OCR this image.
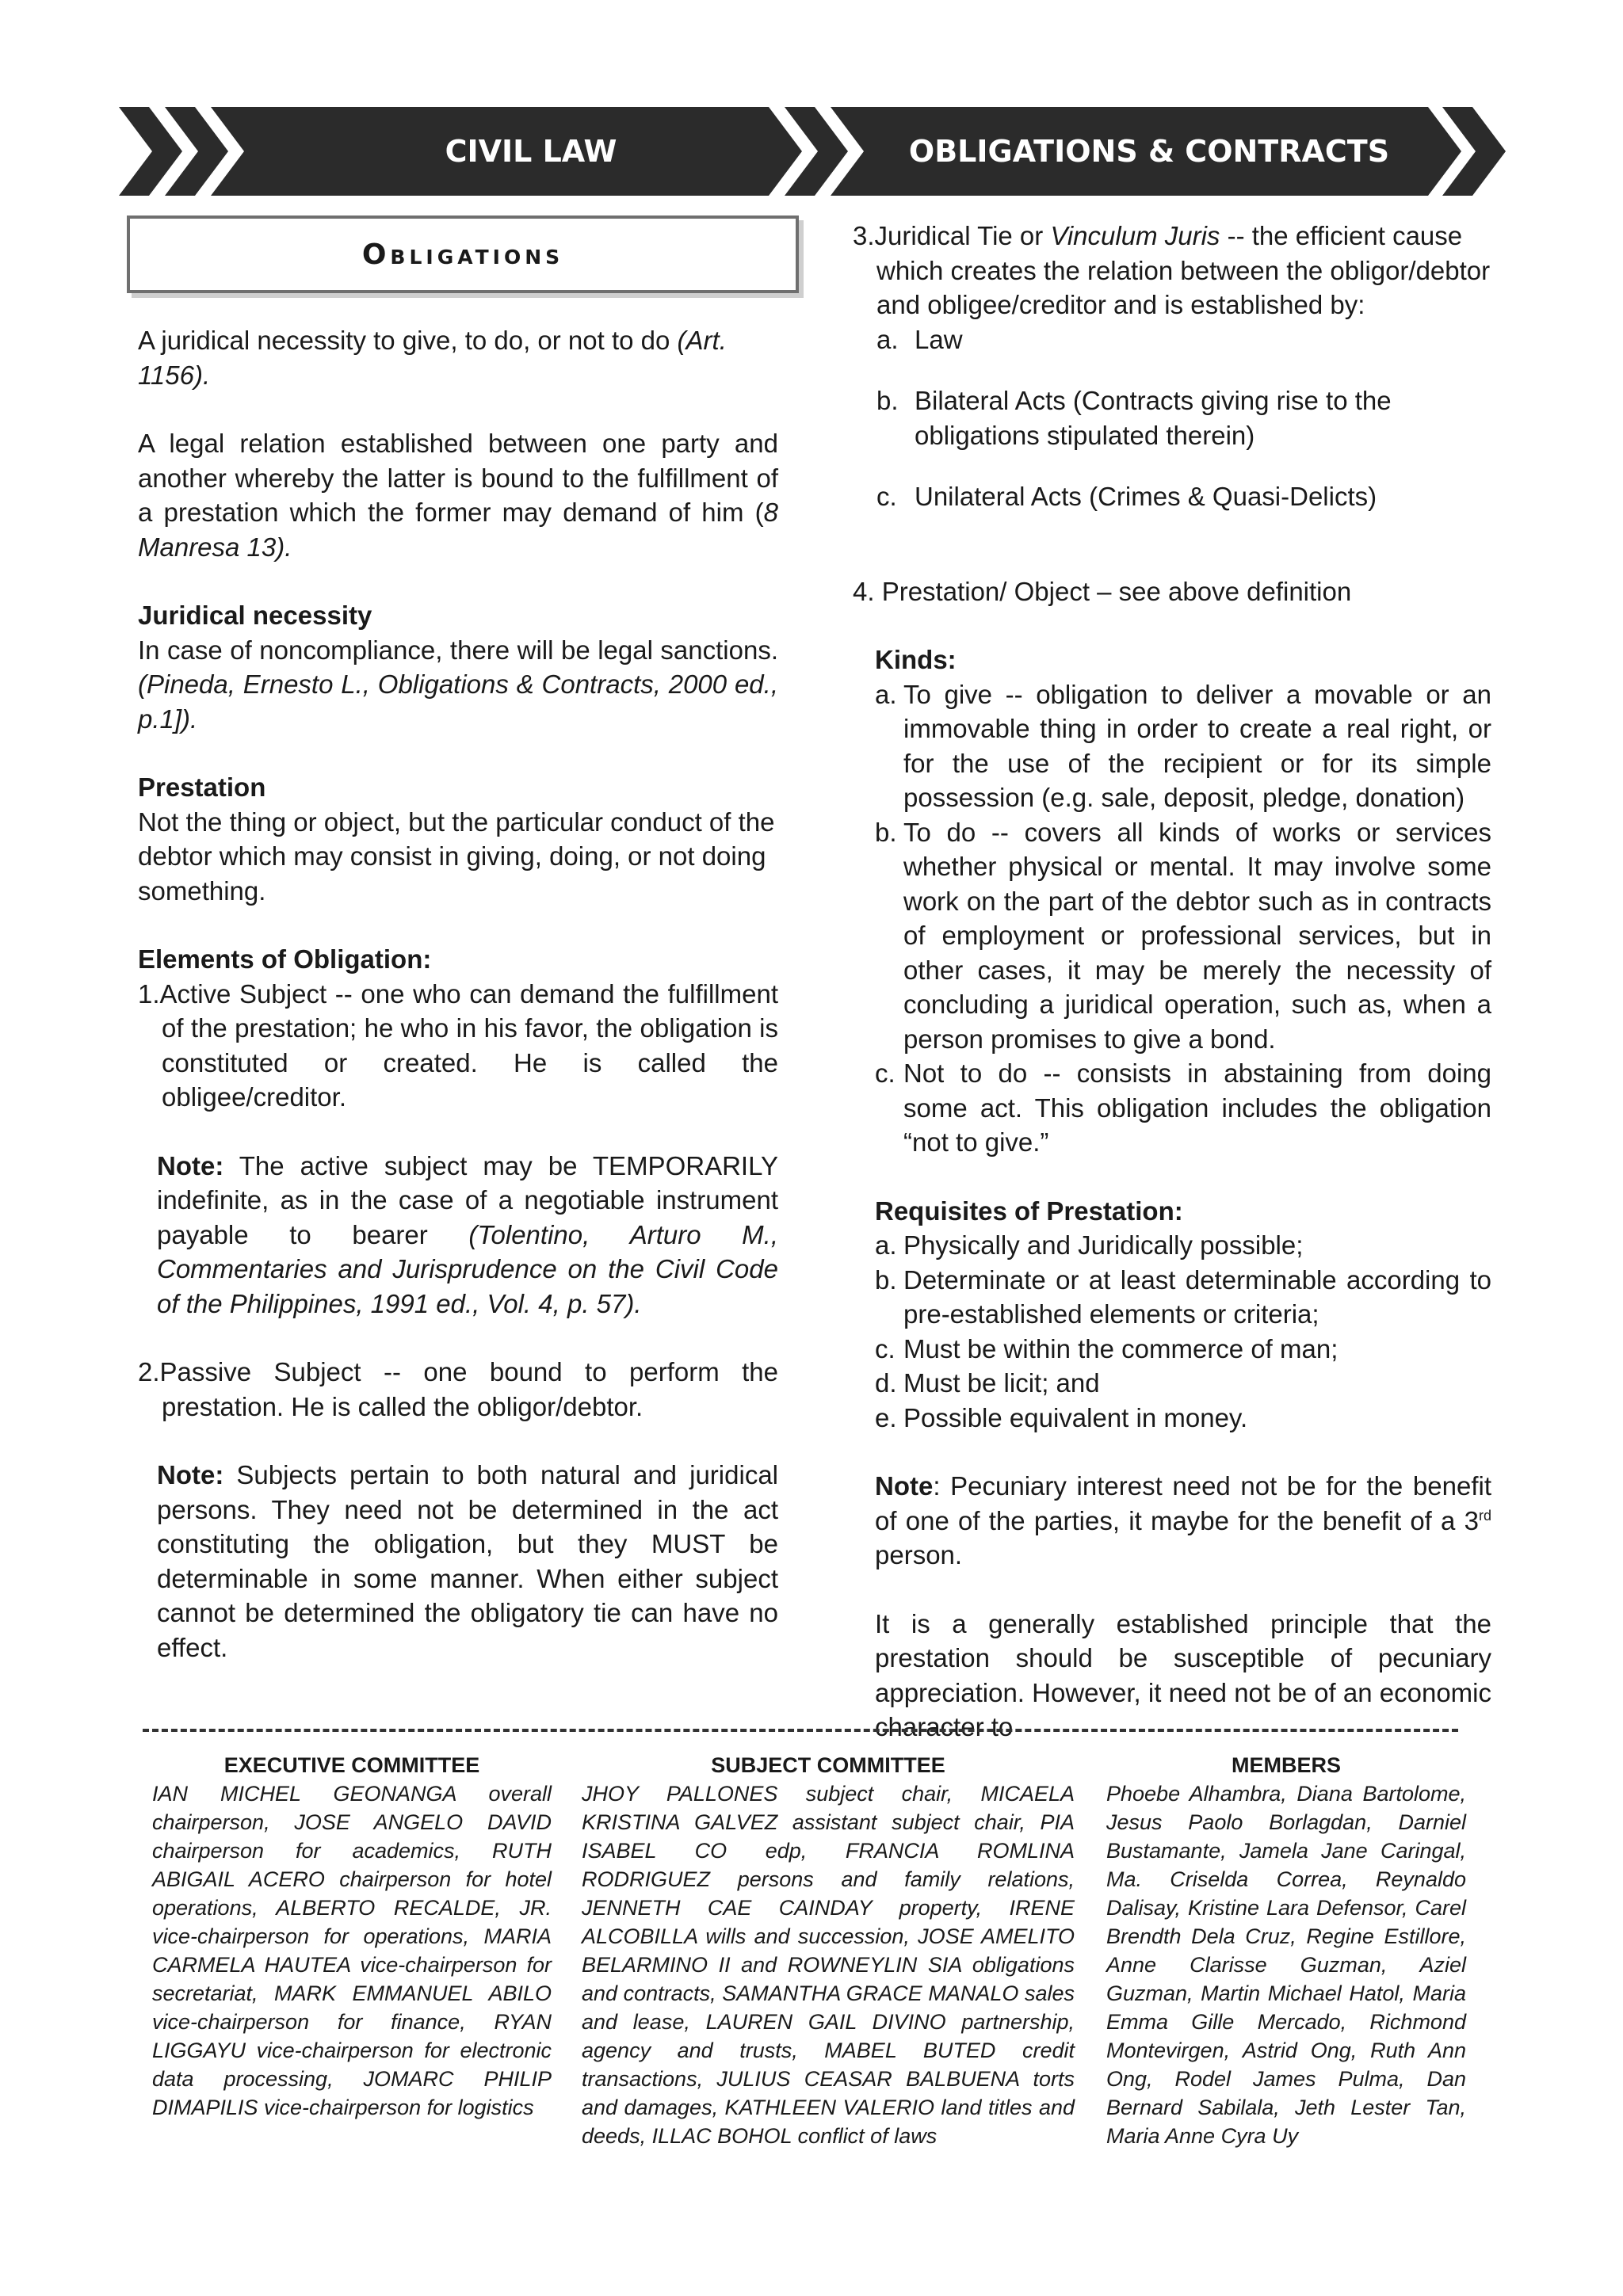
CIVIL LAW	OBLIGATIONS & CONTRACTS
Obligations

A juridical necessity to give, to do, or not to do (Art. 1156).

A legal relation established between one party and another whereby the latter is bound to the fulfillment of a prestation which the former may demand of him (8 Manresa 13).

Juridical necessity

In case of noncompliance, there will be legal sanctions. (Pineda, Ernesto L., Obligations & Contracts, 2000 ed., p.1]).

Prestation

Not the thing or object, but the particular conduct of the debtor which may consist in giving, doing, or not doing something.

Elements of Obligation:

1.Active Subject -- one who can demand the fulfillment of the prestation; he who in his favor, the obligation is constituted or created. He is called the obligee/creditor.

Note: The active subject may be TEMPORARILY indefinite, as in the case of a negotiable instrument payable to bearer (Tolentino, Arturo M., Commentaries and Jurisprudence on the Civil Code of the Philippines, 1991 ed., Vol. 4, p. 57).

2.Passive Subject -- one bound to perform the prestation. He is called the obligor/debtor.

Note: Subjects pertain to both natural and juridical persons. They need not be determined in the act constituting the obligation, but they MUST be determinable in some manner. When either subject cannot be determined the obligatory tie can have no effect.

3.Juridical Tie or Vinculum Juris -- the efficient cause which creates the relation between the obligor/debtor and obligee/creditor and is established by:

a. Law
b. Bilateral Acts (Contracts giving rise to the obligations stipulated therein)
c. Unilateral Acts (Crimes & Quasi-Delicts)

4. Prestation/ Object – see above definition

Kinds:

a. To give -- obligation to deliver a movable or an immovable thing in order to create a real right, or for the use of the recipient or for its simple possession (e.g. sale, deposit, pledge, donation)
b. To do -- covers all kinds of works or services whether physical or mental. It may involve some work on the part of the debtor such as in contracts of employment or professional services, but in other cases, it may be merely the necessity of concluding a juridical operation, such as, when a person promises to give a bond.
c. Not to do -- consists in abstaining from doing some act. This obligation includes the obligation “not to give.”

Requisites of Prestation:

a. Physically and Juridically possible;
b. Determinate or at least determinable according to pre-established elements or criteria;
c. Must be within the commerce of man;
d. Must be licit; and
e. Possible equivalent in money.

Note: Pecuniary interest need not be for the benefit of one of the parties, it maybe for the benefit of a 3rd person.

It is a generally established principle that the prestation should be susceptible of pecuniary appreciation. However, it need not be of an economic character to

EXECUTIVE COMMITTEE
IAN MICHEL GEONANGA overall chairperson, JOSE ANGELO DAVID chairperson for academics, RUTH ABIGAIL ACERO chairperson for hotel operations, ALBERTO RECALDE, JR. vice-chairperson for operations, MARIA CARMELA HAUTEA vice-chairperson for secretariat, MARK EMMANUEL ABILO vice-chairperson for finance, RYAN LIGGAYU vice-chairperson for electronic data processing, JOMARC PHILIP DIMAPILIS vice-chairperson for logistics
SUBJECT COMMITTEE
JHOY PALLONES subject chair, MICAELA KRISTINA GALVEZ assistant subject chair, PIA ISABEL CO edp, FRANCIA ROMLINA RODRIGUEZ persons and family relations, JENNETH CAE CAINDAY property, IRENE ALCOBILLA wills and succession, JOSE AMELITO BELARMINO II and ROWNEYLIN SIA obligations and contracts, SAMANTHA GRACE MANALO sales and lease, LAUREN GAIL DIVINO partnership, agency and trusts, MABEL BUTED credit transactions, JULIUS CEASAR BALBUENA torts and damages, KATHLEEN VALERIO land titles and deeds, ILLAC BOHOL conflict of laws
MEMBERS
Phoebe Alhambra, Diana Bartolome, Jesus Paolo Borlagdan, Darniel Bustamante, Jamela Jane Caringal, Ma. Criselda Correa, Reynaldo Dalisay, Kristine Lara Defensor, Carel Brendth Dela Cruz, Regine Estillore, Anne Clarisse Guzman, Aziel Guzman, Martin Michael Hatol, Maria Emma Gille Mercado, Richmond Montevirgen, Astrid Ong, Ruth Ann Ong, Rodel James Pulma, Dan Bernard Sabilala, Jeth Lester Tan, Maria Anne Cyra Uy
